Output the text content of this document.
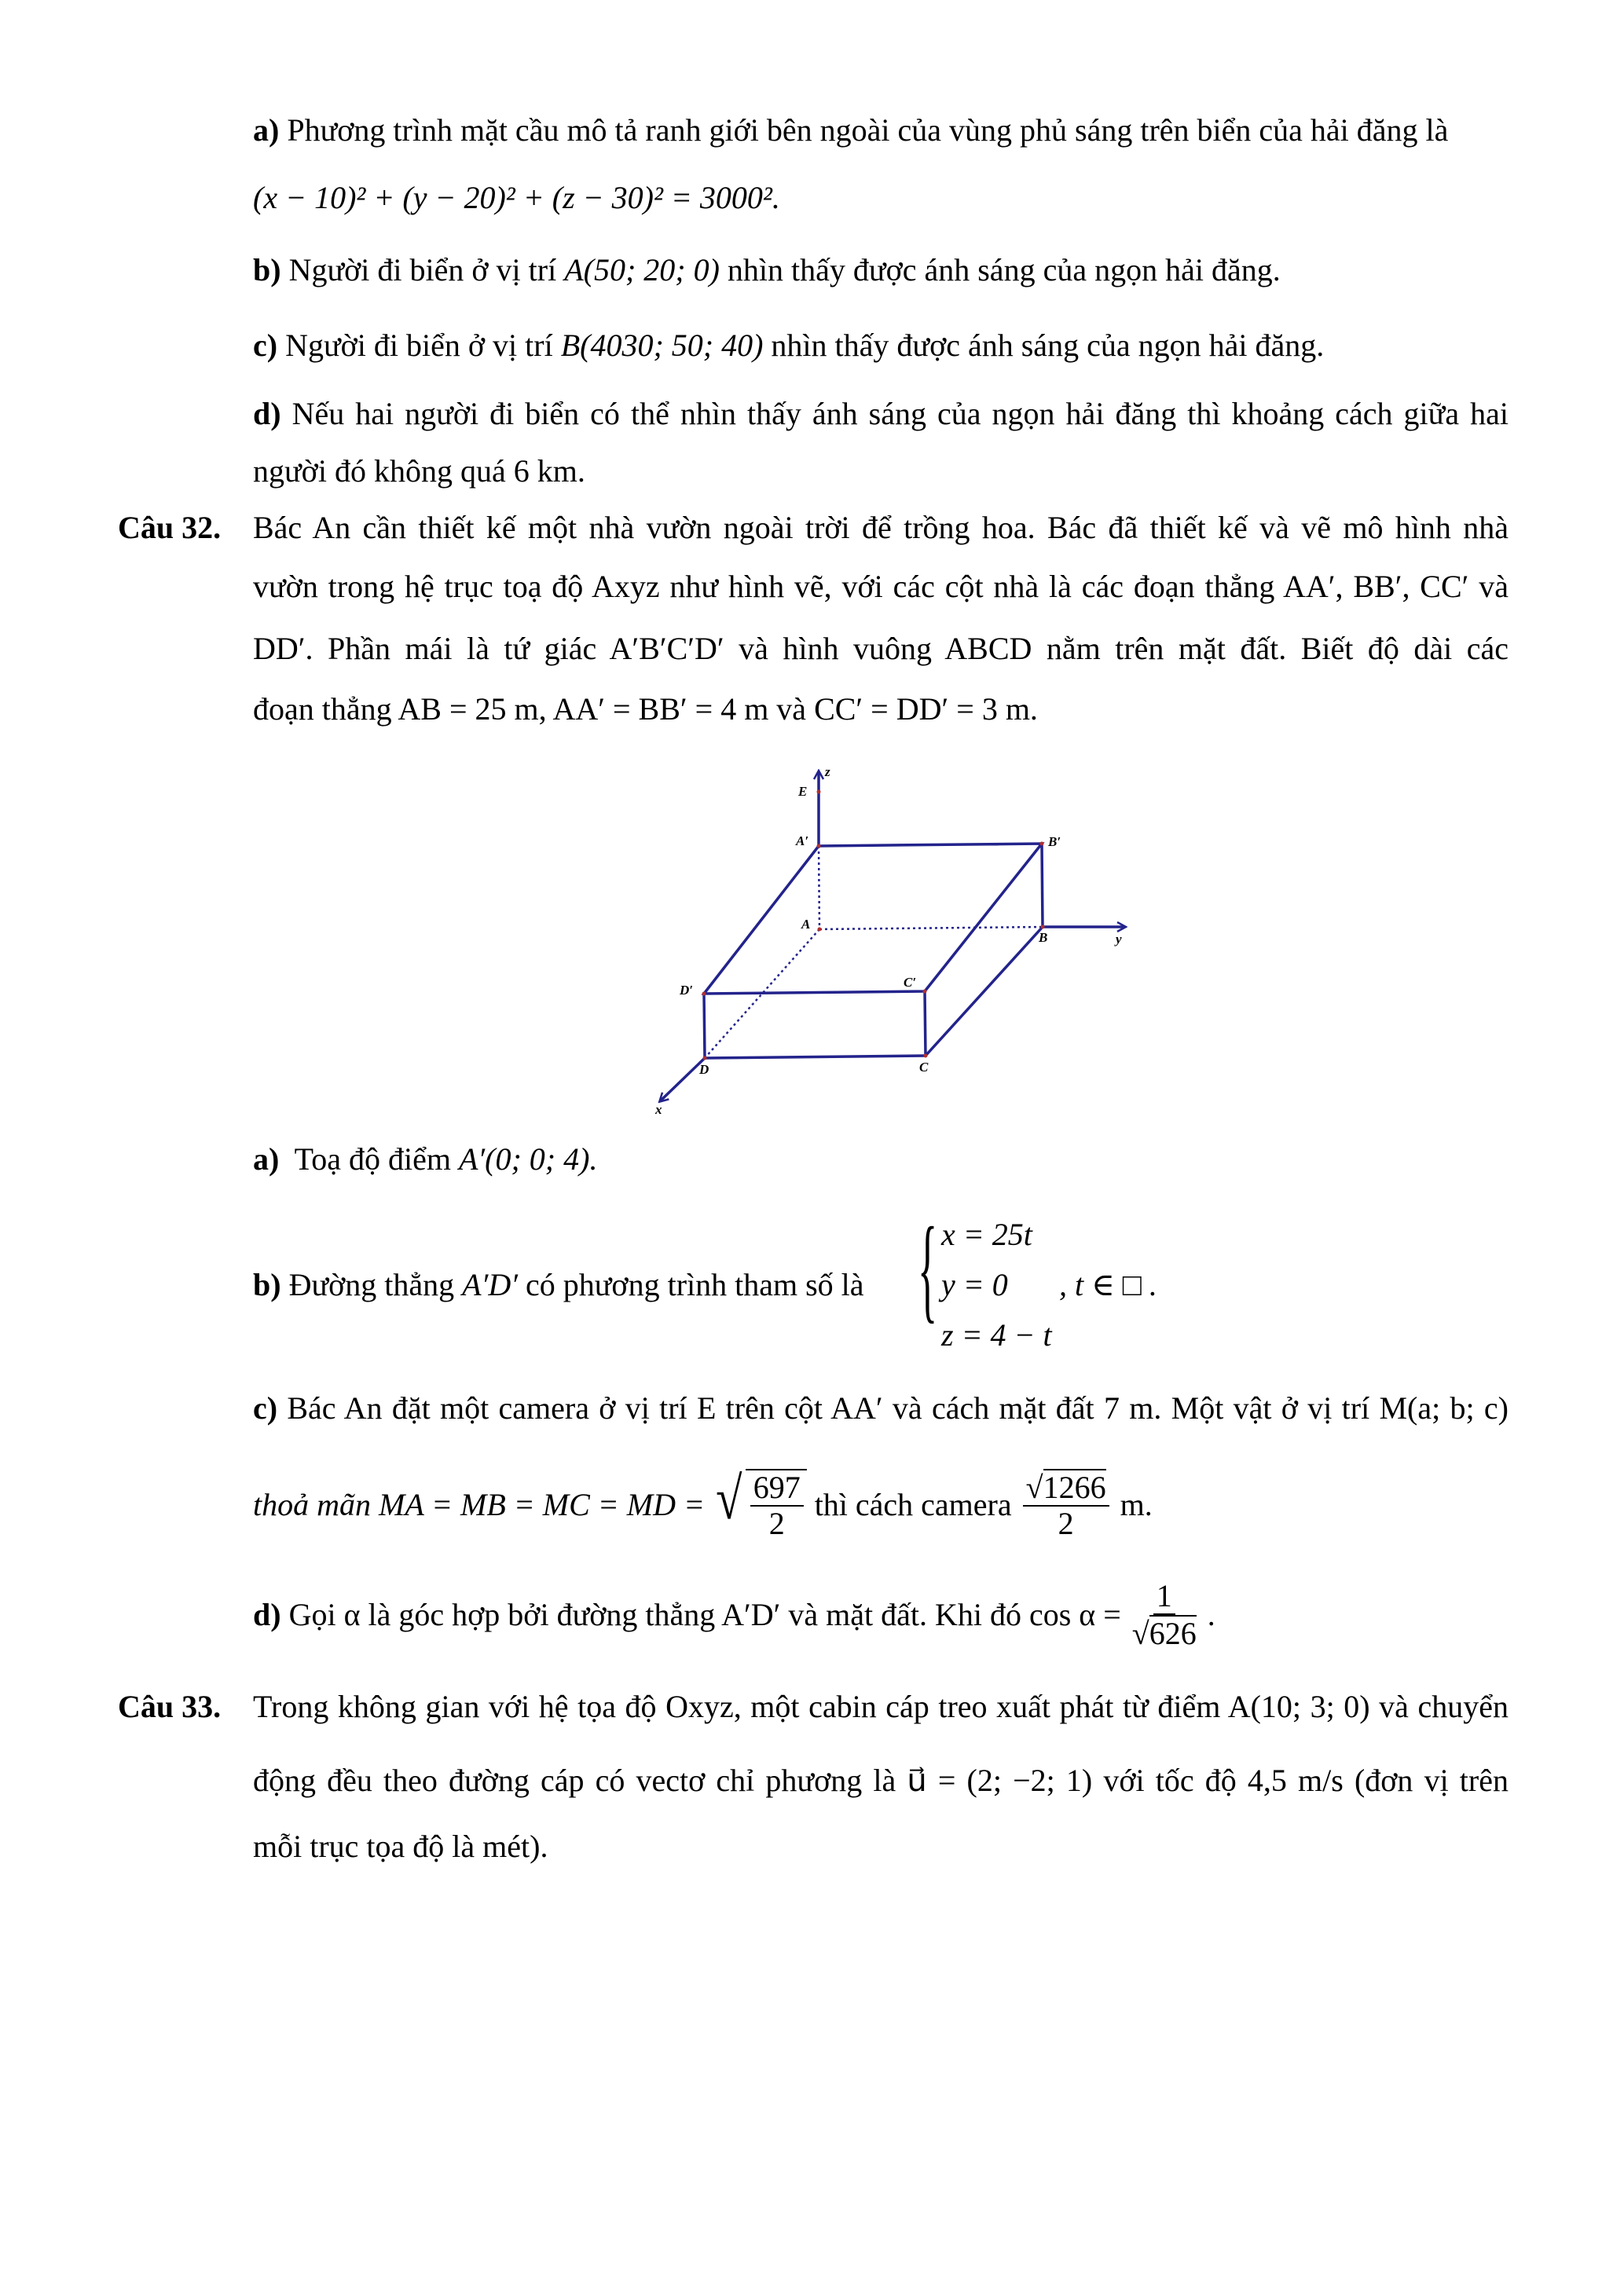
a) Phương trình mặt cầu mô tả ranh giới bên ngoài của vùng phủ sáng trên biển của hải đăng là
(x − 10)² + (y − 20)² + (z − 30)² = 3000².
b) Người đi biển ở vị trí A(50; 20; 0) nhìn thấy được ánh sáng của ngọn hải đăng.
c) Người đi biển ở vị trí B(4030; 50; 40) nhìn thấy được ánh sáng của ngọn hải đăng.
d) Nếu hai người đi biển có thể nhìn thấy ánh sáng của ngọn hải đăng thì khoảng cách giữa hai
người đó không quá 6 km.
Câu 32. Bác An cần thiết kế một nhà vườn ngoài trời để trồng hoa. Bác đã thiết kế và vẽ mô hình nhà
vườn trong hệ trục toạ độ Axyz như hình vẽ, với các cột nhà là các đoạn thẳng AA′, BB′, CC′ và
DD′. Phần mái là tứ giác A′B′C′D′ và hình vuông ABCD nằm trên mặt đất. Biết độ dài các
đoạn thẳng AB = 25 m, AA′ = BB′ = 4 m và CC′ = DD′ = 3 m.
z
E
A′	B′
A
B	y
D′
C′
D	C
x
a) Toạ độ điểm A′(0; 0; 4).
b) Đường thẳng A′D′ có phương trình tham số là { x = 25t
y = 0
z = 4 − t
, t ∈ □ .
c) Bác An đặt một camera ở vị trí E trên cột AA′ và cách mặt đất 7 m. Một vật ở vị trí M(a; b; c)
thoả mãn MA = MB = MC = MD = √ $\frac{697}{2}$ thì cách camera $\frac{√ 1266}{2} m$.
d) Gọi α là góc hợp bởi đường thẳng A′D′ và mặt đất. Khi đó $\cos \alpha = \frac{1}{√ 626}$ .
Câu 33. Trong không gian với hệ tọa độ Oxyz, một cabin cáp treo xuất phát từ điểm A(10; 3; 0) và chuyển
động đều theo đường cáp có vectơ chỉ phương là u⃗ = (2; −2; 1) với tốc độ 4,5 m/s (đơn vị trên
mỗi trục tọa độ là mét).
